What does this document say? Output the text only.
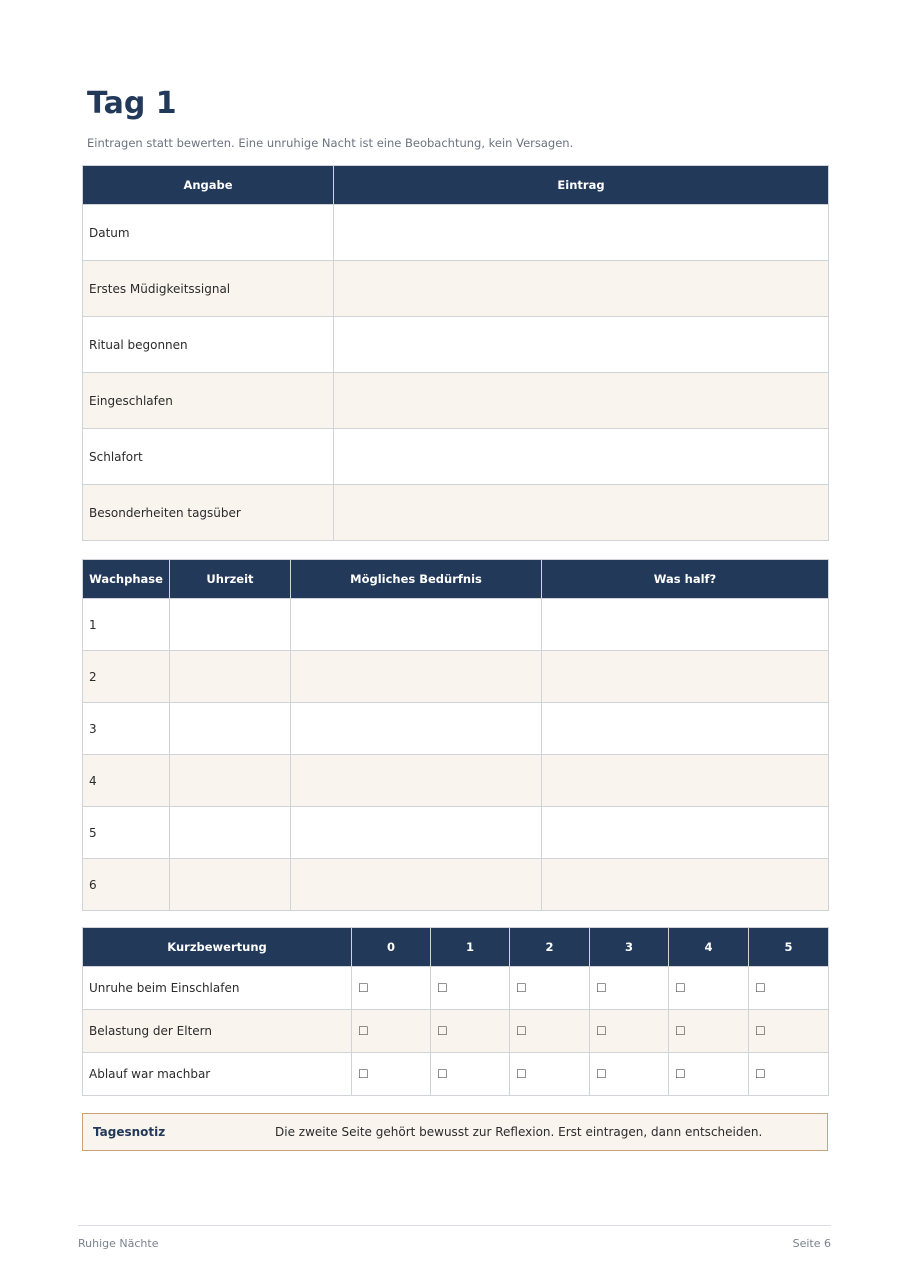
Tag 1

Eintragen statt bewerten. Eine unruhige Nacht ist eine Beobachtung, kein Versagen.

Angabe	Eintrag
Datum	
Erstes Müdigkeitssignal	
Ritual begonnen	
Eingeschlafen	
Schlafort	
Besonderheiten tagsüber	
Wachphase	Uhrzeit	Mögliches Bedürfnis	Was half?
1			
2			
3			
4			
5			
6			
Kurzbewertung	0	1	2	3	4	5
Unruhe beim Einschlafen	☐	☐	☐	☐	☐	☐
Belastung der Eltern	☐	☐	☐	☐	☐	☐
Ablauf war machbar	☐	☐	☐	☐	☐	☐
Tagesnotiz	Die zweite Seite gehört bewusst zur Reflexion. Erst eintragen, dann entscheiden.
Ruhige Nächte	Seite 6
